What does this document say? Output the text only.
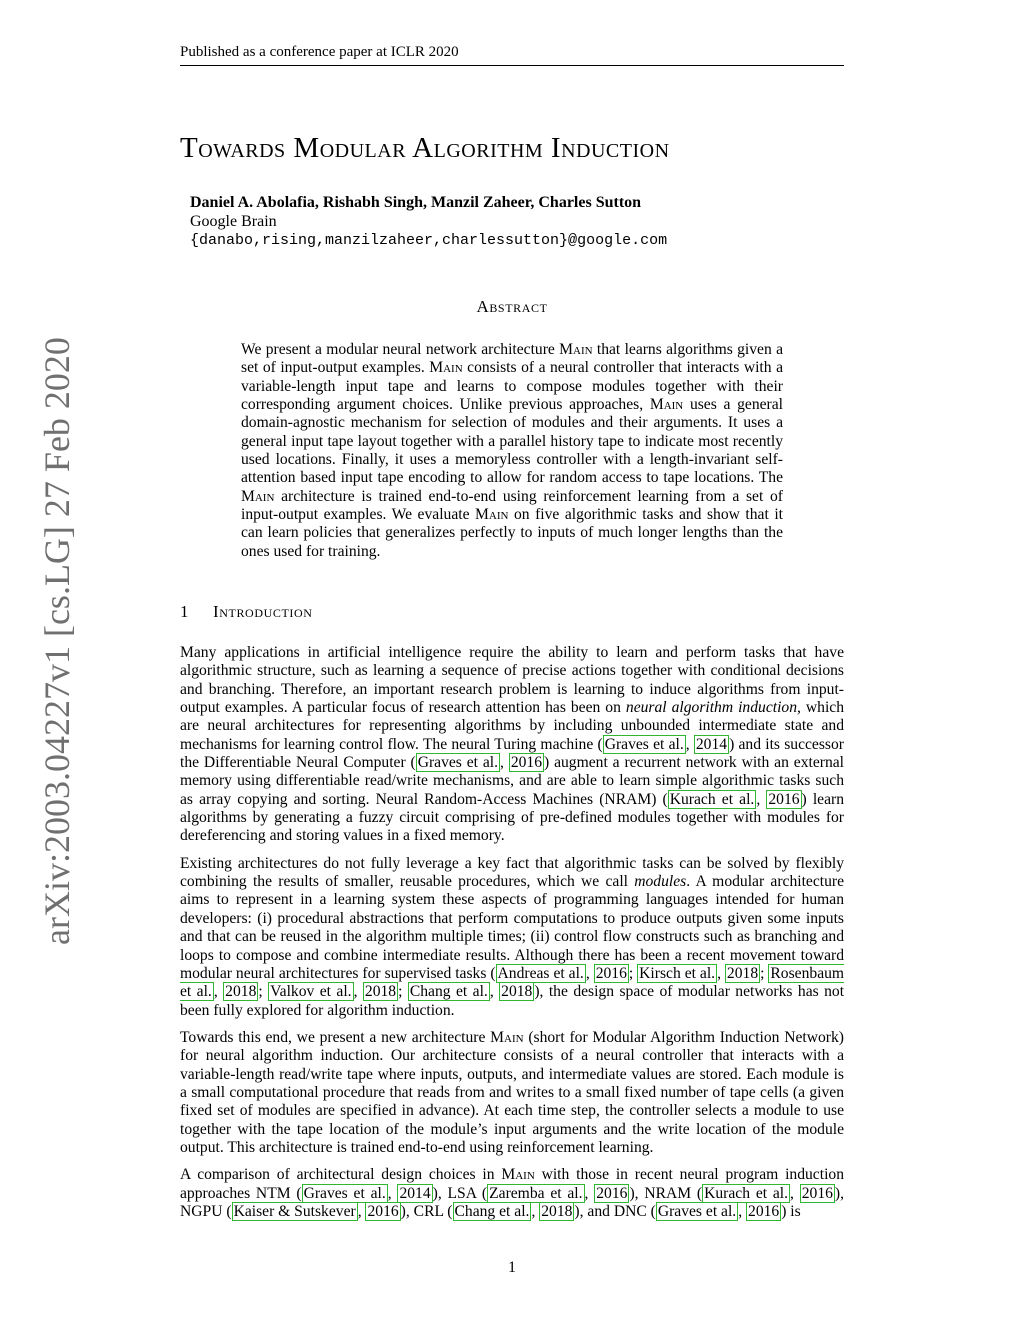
Published as a conference paper at ICLR 2020
arXiv:2003.04227v1 [cs.LG] 27 Feb 2020
Towards Modular Algorithm Induction
Daniel A. Abolafia, Rishabh Singh, Manzil Zaheer, Charles Sutton
Google Brain
{danabo,rising,manzilzaheer,charlessutton}@google.com
Abstract
We present a modular neural network architecture Main that learns algorithms given a set of input-output examples. Main consists of a neural controller that interacts with a variable-length input tape and learns to compose modules together with their corresponding argument choices. Unlike previous approaches, Main uses a general domain-agnostic mechanism for selection of modules and their arguments. It uses a general input tape layout together with a parallel history tape to indicate most recently used locations. Finally, it uses a memoryless controller with a length-invariant self-attention based input tape encoding to allow for random access to tape locations. The Main architecture is trained end-to-end using reinforcement learning from a set of input-output examples. We evaluate Main on five algorithmic tasks and show that it can learn policies that generalizes perfectly to inputs of much longer lengths than the ones used for training.
1 Introduction

Many applications in artificial intelligence require the ability to learn and perform tasks that have algorithmic structure, such as learning a sequence of precise actions together with conditional decisions and branching. Therefore, an important research problem is learning to induce algorithms from input-output examples. A particular focus of research attention has been on neural algorithm induction, which are neural architectures for representing algorithms by including unbounded intermediate state and mechanisms for learning control flow. The neural Turing machine ( Graves et al. , 2014 ) and its successor the Differentiable Neural Computer ( Graves et al. , 2016 ) augment a recurrent network with an external memory using differentiable read/write mechanisms, and are able to learn simple algorithmic tasks such as array copying and sorting. Neural Random-Access Machines (NRAM) ( Kurach et al. , 2016 ) learn algorithms by generating a fuzzy circuit comprising of pre-defined modules together with modules for dereferencing and storing values in a fixed memory.

Existing architectures do not fully leverage a key fact that algorithmic tasks can be solved by flexibly combining the results of smaller, reusable procedures, which we call modules. A modular architecture aims to represent in a learning system these aspects of programming languages intended for human developers: (i) procedural abstractions that perform computations to produce outputs given some inputs and that can be reused in the algorithm multiple times; (ii) control flow constructs such as branching and loops to compose and combine intermediate results. Although there has been a recent movement toward modular neural architectures for supervised tasks ( Andreas et al. , 2016 ; Kirsch et al. , 2018 ; Rosenbaum et al. , 2018 ; Valkov et al. , 2018 ; Chang et al. , 2018 ), the design space of modular networks has not been fully explored for algorithm induction.

Towards this end, we present a new architecture Main (short for Modular Algorithm Induction Network) for neural algorithm induction. Our architecture consists of a neural controller that interacts with a variable-length read/write tape where inputs, outputs, and intermediate values are stored. Each module is a small computational procedure that reads from and writes to a small fixed number of tape cells (a given fixed set of modules are specified in advance). At each time step, the controller selects a module to use together with the tape location of the module’s input arguments and the write location of the module output. This architecture is trained end-to-end using reinforcement learning.

A comparison of architectural design choices in Main with those in recent neural program induction approaches NTM ( Graves et al. , 2014 ), LSA ( Zaremba et al. , 2016 ), NRAM ( Kurach et al. , 2016 ), NGPU ( Kaiser & Sutskever , 2016 ), CRL ( Chang et al. , 2018 ), and DNC ( Graves et al. , 2016 ) is

1
